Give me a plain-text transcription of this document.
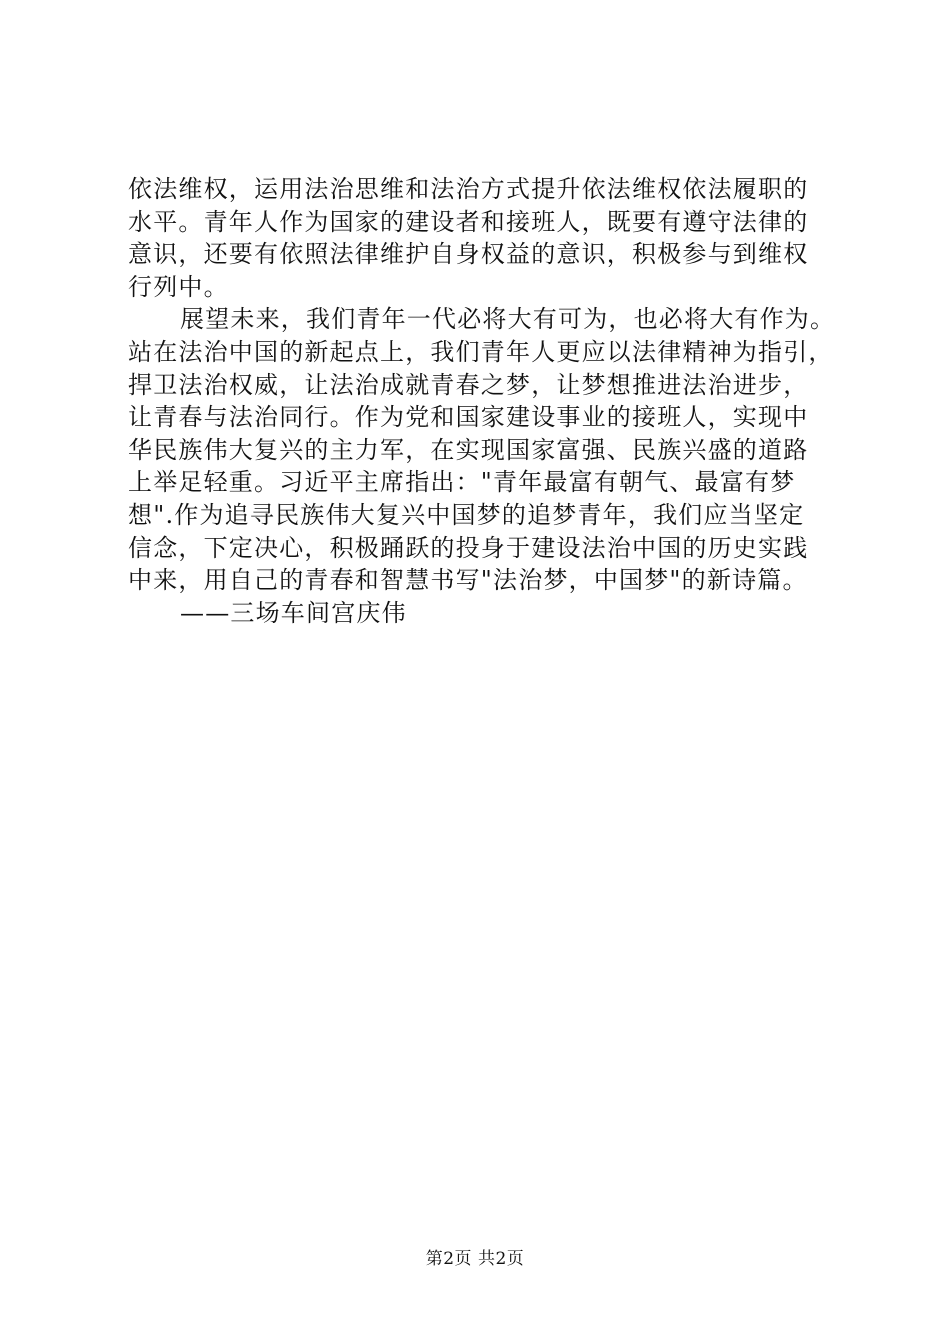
依法维权，运用法治思维和法治方式提升依法维权依法履职的
水平。青年人作为国家的建设者和接班人，既要有遵守法律的
意识，还要有依照法律维护自身权益的意识，积极参与到维权
行列中。
展望未来，我们青年一代必将大有可为，也必将大有作为。
站在法治中国的新起点上，我们青年人更应以法律精神为指引，
捍卫法治权威，让法治成就青春之梦，让梦想推进法治进步，
让青春与法治同行。作为党和国家建设事业的接班人，实现中
华民族伟大复兴的主力军，在实现国家富强、民族兴盛的道路
上举足轻重。习近平主席指出："青年最富有朝气、最富有梦
想".作为追寻民族伟大复兴中国梦的追梦青年，我们应当坚定
信念，下定决心，积极踊跃的投身于建设法治中国的历史实践
中来，用自己的青春和智慧书写"法治梦，中国梦"的新诗篇。
——三场车间宫庆伟
第2页 共2页
